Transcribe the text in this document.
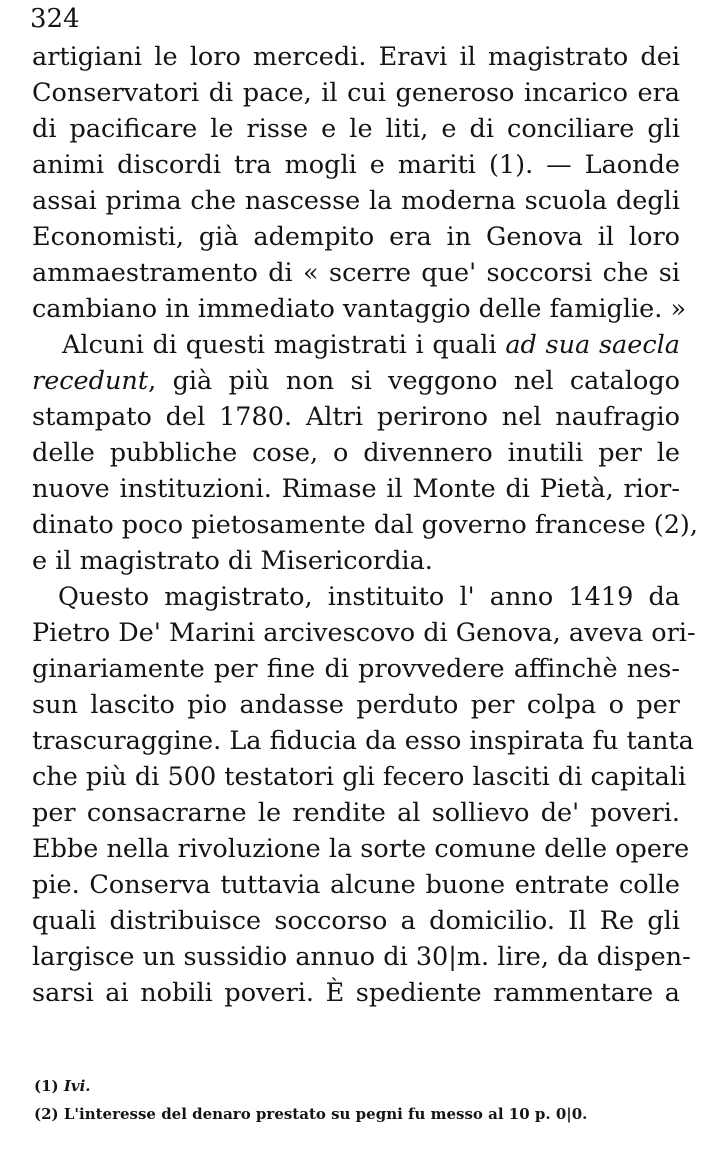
324
artigiani le loro mercedi. Eravi il magistrato dei
Conservatori di pace, il cui generoso incarico era
di pacificare le risse e le liti, e di conciliare gli
animi discordi tra mogli e mariti (1). — Laonde
assai prima che nascesse la moderna scuola degli
Economisti, già adempito era in Genova il loro
ammaestramento di « scerre que' soccorsi che si
cambiano in immediato vantaggio delle famiglie. »
Alcuni di questi magistrati i quali ad sua saecla
recedunt, già più non si veggono nel catalogo
stampato del 1780. Altri perirono nel naufragio
delle pubbliche cose, o divennero inutili per le
nuove instituzioni. Rimase il Monte di Pietà, rior-
dinato poco pietosamente dal governo francese (2),
e il magistrato di Misericordia.
Questo magistrato, instituito l' anno 1419 da
Pietro De' Marini arcivescovo di Genova, aveva ori-
ginariamente per fine di provvedere affinchè nes-
sun lascito pio andasse perduto per colpa o per
trascuraggine. La fiducia da esso inspirata fu tanta
che più di 500 testatori gli fecero lasciti di capitali
per consacrarne le rendite al sollievo de' poveri.
Ebbe nella rivoluzione la sorte comune delle opere
pie. Conserva tuttavia alcune buone entrate colle
quali distribuisce soccorso a domicilio. Il Re gli
largisce un sussidio annuo di 30|m. lire, da dispen-
sarsi ai nobili poveri. È spediente rammentare a
(1) Ivi.
(2) L'interesse del denaro prestato su pegni fu messo al 10 p. 0|0.
